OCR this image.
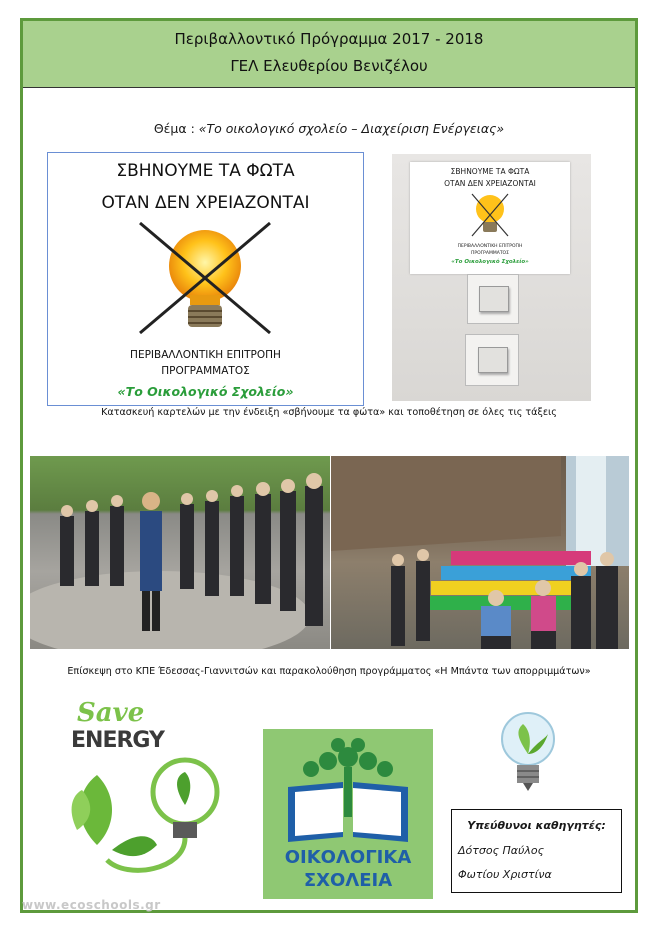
Περιβαλλοντικό Πρόγραμμα 2017 - 2018
ΓΕΛ Ελευθερίου Βενιζέλου
Θέμα : «Το οικολογικό σχολείο – Διαχείριση Ενέργειας»
ΣΒΗΝΟΥΜΕ ΤΑ ΦΩΤΑ
ΟΤΑΝ ΔΕΝ ΧΡΕΙΑΖΟΝΤΑΙ
ΠΕΡΙΒΑΛΛΟΝΤΙΚΗ ΕΠΙΤΡΟΠΗ
ΠΡΟΓΡΑΜΜΑΤΟΣ
«Το Οικολογικό Σχολείο»
ΣΒΗΝΟΥΜΕ ΤΑ ΦΩΤΑ
ΟΤΑΝ ΔΕΝ ΧΡΕΙΑΖΟΝΤΑΙ
ΠΕΡΙΒΑΛΛΟΝΤΙΚΗ ΕΠΙΤΡΟΠΗ
ΠΡΟΓΡΑΜΜΑΤΟΣ
«Το Οικολογικό Σχολείο»
Κατασκευή καρτελών με την ένδειξη «σβήνουμε τα φώτα» και τοποθέτηση σε όλες τις τάξεις
Επίσκεψη στο ΚΠΕ Έδεσσας-Γιαννιτσών και παρακολούθηση προγράμματος «Η Μπάντα των απορριμμάτων»
Save
ENERGY
ΟΙΚΟΛΟΓΙΚΑ
ΣΧΟΛΕΙΑ
Υπεύθυνοι καθηγητές:
Δότσος Παύλος
Φωτίου Χριστίνα
www.ecoschools.gr
